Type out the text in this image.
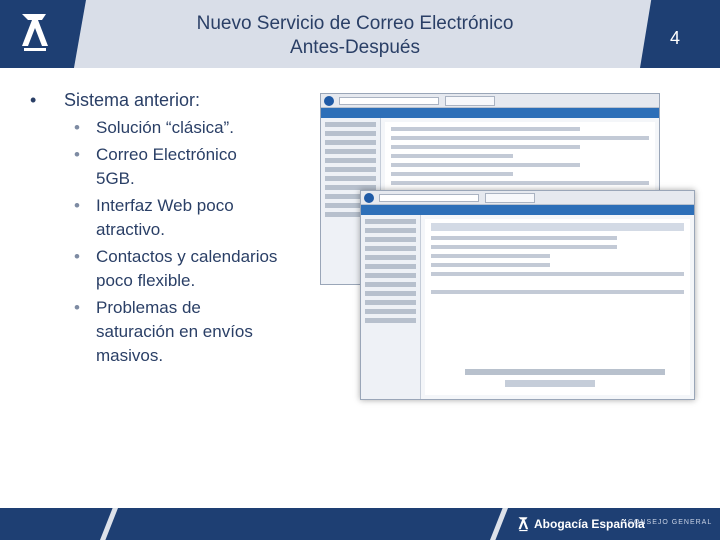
Nuevo Servicio de Correo Electrónico
Antes-Después	4
• Sistema anterior:
• Solución “clásica”.
• Correo Electrónico 5GB.
• Interfaz Web poco atractivo.
• Contactos y calendarios poco flexible.
• Problemas de saturación en envíos masivos.
Abogacía Española
CONSEJO GENERAL
